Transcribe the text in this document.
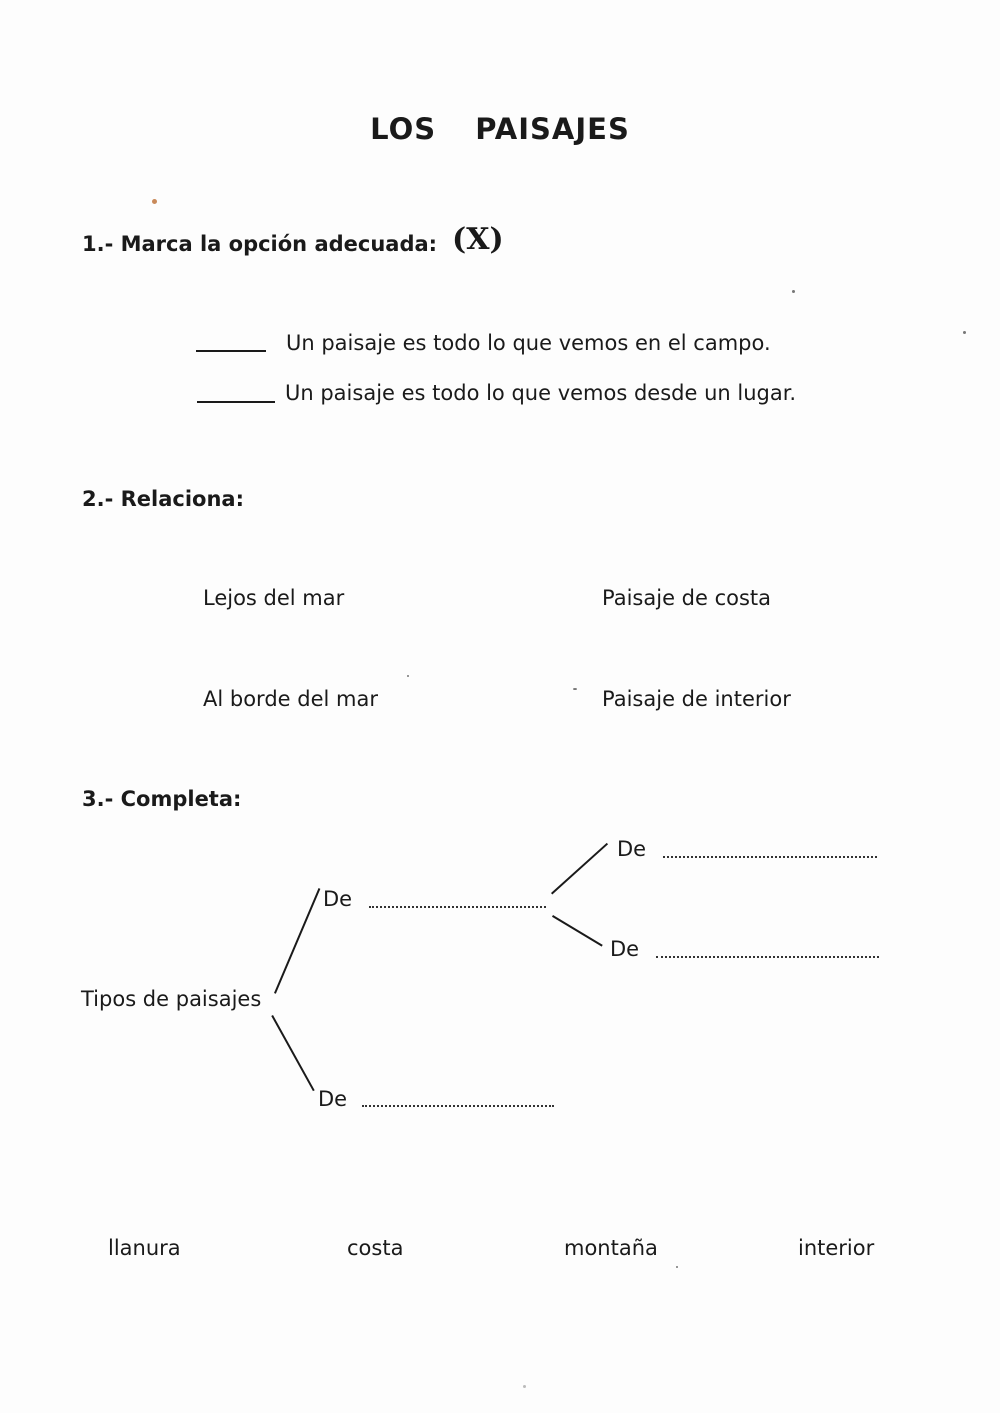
LOS PAISAJES
1.- Marca la opción adecuada: (X)
Un paisaje es todo lo que vemos en el campo.
Un paisaje es todo lo que vemos desde un lugar.
2.- Relaciona:
Lejos del mar
Al borde del mar
Paisaje de costa
Paisaje de interior
3.- Completa:
Tipos de paisajes
De
De
De
De
llanura	costa	montaña	interior
